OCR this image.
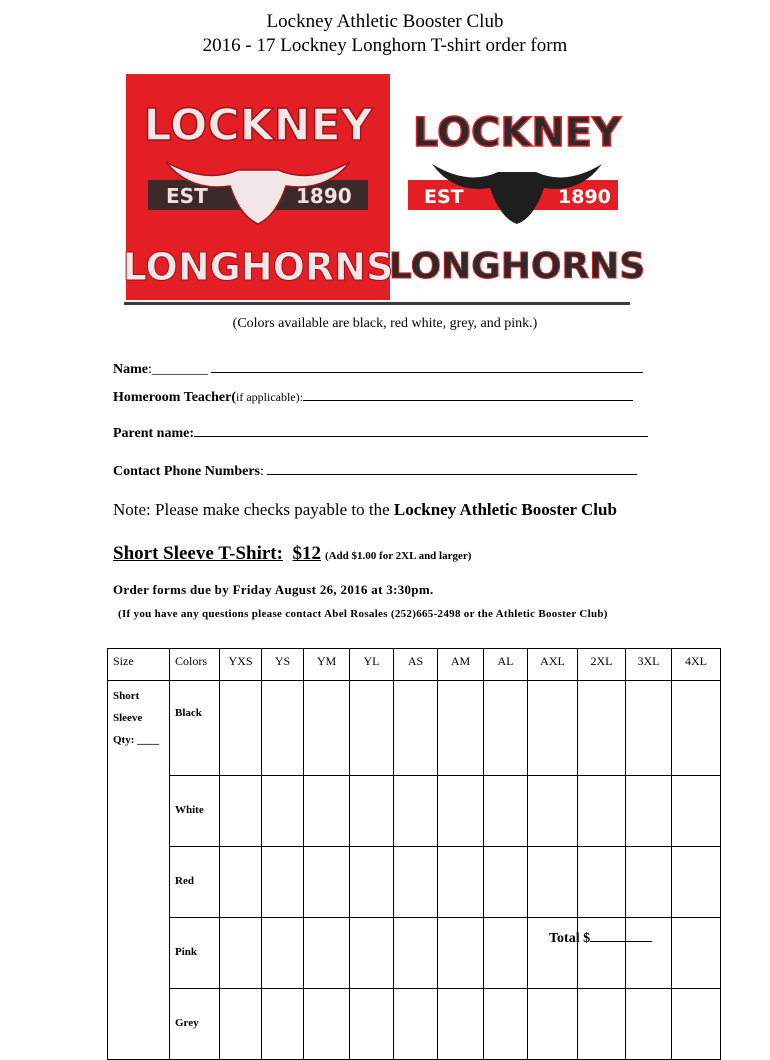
Lockney Athletic Booster Club
2016 - 17 Lockney Longhorn T-shirt order form
LOCKNEY
EST	1890
LONGHORNS
LOCKNEY
EST	1890
LONGHORNS
(Colors available are black, red white, grey, and pink.)
Name:________
Homeroom Teacher(if applicable):
Parent name:
Contact Phone Numbers:
Note: Please make checks payable to the Lockney Athletic Booster Club
Short Sleeve T-Shirt: $12 (Add $1.00 for 2XL and larger)
Order forms due by Friday August 26, 2016 at 3:30pm.
(If you have any questions please contact Abel Rosales (252)665-2498 or the Athletic Booster Club)
Size	Colors	YXS	YS	YM	YL	AS	AM	AL	AXL	2XL	3XL	4XL

Short
Sleeve
Qty: ____	Black											
	White											
	Red											
	Pink											
	Grey											
Total $
